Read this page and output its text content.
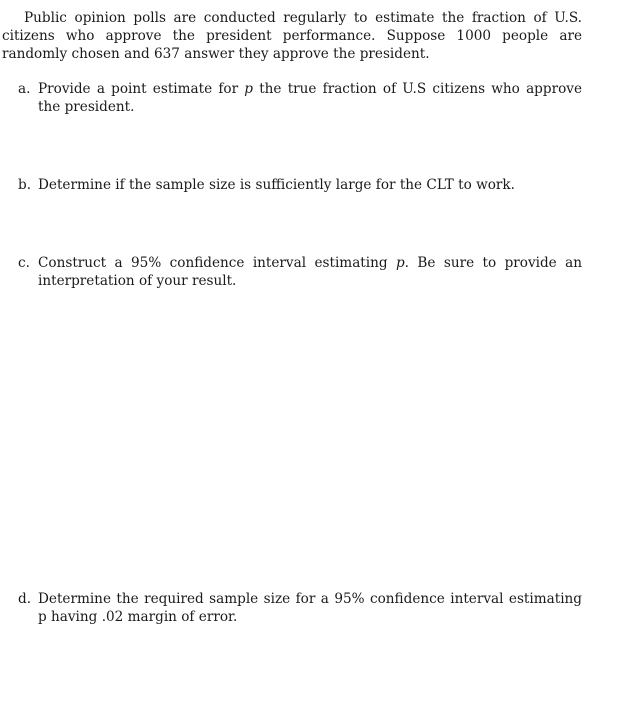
Public opinion polls are conducted regularly to estimate the fraction of U.S. citizens who approve the president performance. Suppose 1000 people are randomly chosen and 637 answer they approve the president.

a. Provide a point estimate for p the true fraction of U.S citizens who approve the president.
b. Determine if the sample size is sufficiently large for the CLT to work.
c. Construct a 95% confidence interval estimating p. Be sure to provide an interpretation of your result.
d. Determine the required sample size for a 95% confidence interval estimating p having .02 margin of error.
